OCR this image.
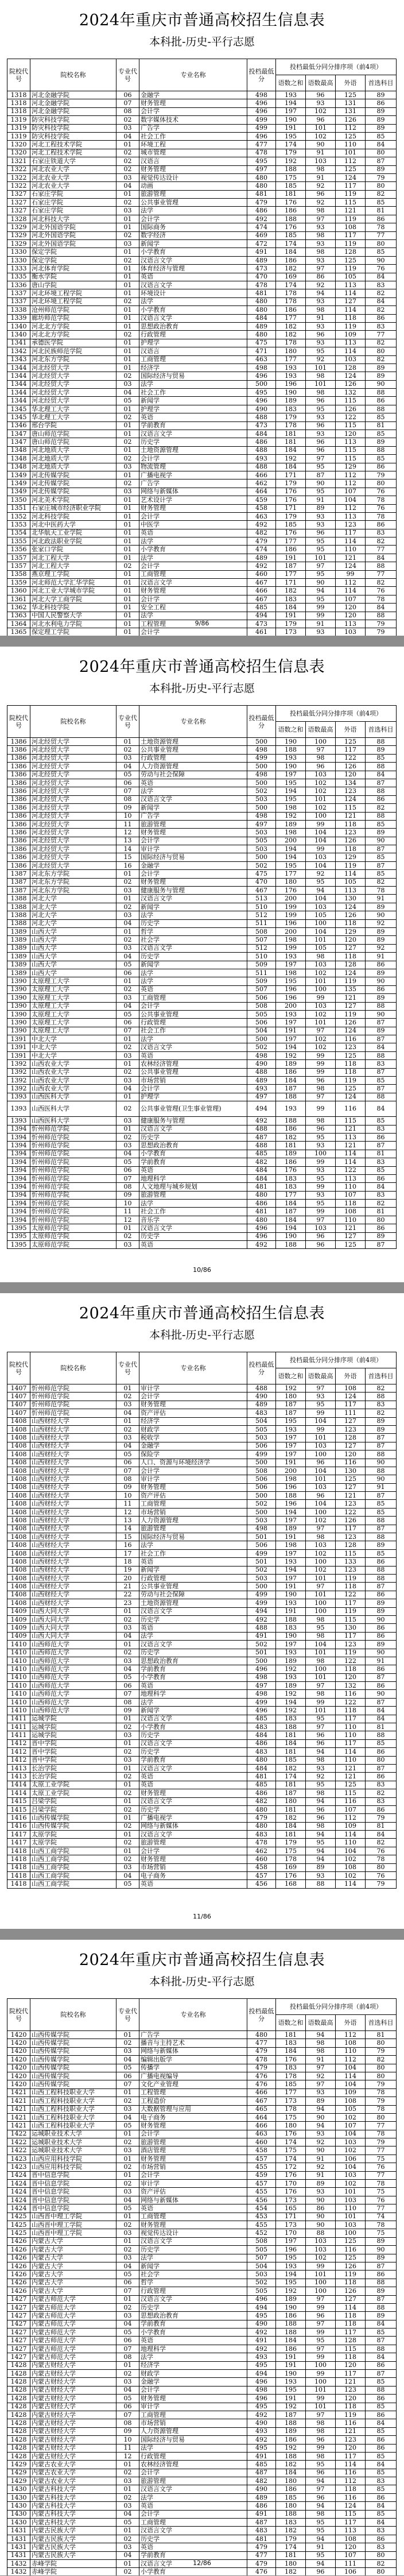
2024年重庆市普通高校招生信息表
本科批-历史-平行志愿
院校代号	院校名称	专业代号	专业名称	投档最低分	投档最低分同分排序项（前4项）			
					语数之和	语数最高	外语	首选科目
1318	河北金融学院	06	金融学	498	193	96	125	89
1318	河北金融学院	07	财务管理	496	194	93	131	86
1318	河北金融学院	08	会计学	496	197	102	131	89
1319	防灾科技学院	02	数字媒体技术	499	190	96	126	89
1319	防灾科技学院	03	广告学	499	191	101	112	89
1319	防灾科技学院	04	社会工作	496	195	102	125	85
1320	河北工程技术学院	01	环境工程	477	174	90	110	84
1320	河北工程技术学院	02	城市管理	478	179	91	101	80
1321	石家庄铁道大学	02	汉语言	495	192	103	112	87
1322	河北农业大学	02	财务管理	497	188	98	125	89
1322	河北农业大学	03	视觉传达设计	480	175	91	124	79
1322	河北农业大学	04	动画	480	185	92	117	80
1327	石家庄学院	01	旅游管理	481	181	96	119	82
1327	石家庄学院	02	公共事业管理	479	176	92	115	85
1327	石家庄学院	03	法学	486	186	98	121	81
1328	河北科技大学	01	会计学	492	188	97	119	86
1329	河北外国语学院	01	国际商务	474	176	93	108	78
1329	河北外国语学院	02	数字经济	469	185	98	117	77
1329	河北外国语学院	03	新闻学	472	174	93	119	80
1330	保定学院	01	小学教育	491	184	98	128	85
1330	保定学院	02	汉语言文学	489	186	93	125	90
1333	河北体育学院	01	体育经济与管理	473	182	97	119	76
1335	衡水学院	01	英语	470	169	86	105	84
1336	唐山学院	01	汉语言文学	478	174	92	113	83
1337	河北环境工程学院	01	环境设计	481	178	94	114	82
1337	河北环境工程学院	02	法学	480	178	93	127	84
1338	沧州师范学院	01	小学教育	480	186	98	114	82
1339	廊坊师范学院	01	汉语言文学	484	177	91	118	86
1340	河北北方学院	01	思想政治教育	489	182	93	119	83
1340	河北北方学院	02	行政管理	480	182	96	109	77
1341	承德医学院	01	护理学	475	178	93	113	82
1342	河北民族师范学院	01	汉语言	471	180	95	114	80
1343	河北东方学院	01	工商管理	463	177	92	103	82
1344	河北经贸大学	01	经济学	498	193	101	128	89
1344	河北经贸大学	02	国际经济与贸易	496	193	98	124	89
1344	河北经贸大学	03	法学	500	196	101	126	90
1344	河北经贸大学	04	社会工作	495	190	98	132	88
1344	河北经贸大学	05	新闻学	496	189	96	115	86
1345	华北理工大学	01	护理学	490	183	95	126	88
1345	华北理工大学	02	英语	488	179	93	122	85
1346	邢台学院	01	学前教育	473	178	96	115	81
1347	唐山师范学院	01	汉语言文学	484	181	93	120	85
1347	唐山师范学院	02	历史学	486	181	96	113	89
1348	河北地质大学	01	土地资源管理	488	184	96	115	88
1348	河北地质大学	02	会计学	493	192	97	115	85
1348	河北地质大学	03	物流管理	488	184	95	129	86
1349	河北传媒学院	01	广播电视学	466	171	87	112	79
1349	河北传媒学院	02	广告学	462	179	90	112	80
1349	河北传媒学院	03	网络与新媒体	464	176	95	107	76
1350	河北美术学院	01	艺术设计学	459	176	91	104	78
1351	石家庄城市经济职业学院	01	财务管理	458	171	89	112	76
1352	河北科技学院	01	会计学	463	179	93	113	78
1353	河北中医药大学	01	中医学	492	185	93	123	86
1354	北华航天工业学院	01	英语	482	176	96	117	83
1355	河北政法职业学院	01	法学	479	177	95	114	82
1356	张家口学院	01	小学教育	474	186	95	110	77
1357	河北工程大学	01	法学	489	191	101	121	84
1357	河北工程大学	02	会计学	492	187	97	124	88
1358	燕京理工学院	01	工商管理	460	177	95	99	77
1359	河北师范大学汇华学院	01	汉语言文学	467	171	90	112	82
1360	河北工业大学城市学院	01	财务管理	466	182	94	114	76
1361	河北大学工商学院	01	会计学	467	183	95	107	78
1362	华北科技学院	01	安全工程	485	184	99	120	84
1363	中国人民警察大学	01	法学	494	191	99	120	88
1364	河北水利电力学院	01	工程管理	473	179	91	113	79
1365	保定理工学院	01	会计学	461	173	93	103	79

9/86
2024年重庆市普通高校招生信息表
本科批-历史-平行志愿
院校代号	院校名称	专业代号	专业名称	投档最低分	投档最低分同分排序项（前4项）			
					语数之和	语数最高	外语	首选科目
1386	河北经贸大学	01	土地资源管理	500	190	100	125	88
1386	河北经贸大学	02	公共事业管理	498	188	97	117	89
1386	河北经贸大学	03	行政管理	499	193	98	122	85
1386	河北经贸大学	04	人力资源管理	500	190	96	126	88
1386	河北经贸大学	05	劳动与社会保障	498	197	103	120	84
1386	河北经贸大学	06	英语	500	195	102	134	87
1386	河北经贸大学	07	法学	502	194	102	123	88
1386	河北经贸大学	08	汉语言文学	503	195	101	124	86
1386	河北经贸大学	09	新闻学	500	198	102	115	82
1386	河北经贸大学	10	广告学	498	192	100	121	88
1386	河北经贸大学	11	旅游管理	497	189	99	118	85
1386	河北经贸大学	12	财务管理	503	198	104	123	89
1386	河北经贸大学	13	会计学	505	200	104	126	90
1386	河北经贸大学	14	审计学	503	194	99	118	87
1386	河北经贸大学	15	国际经济与贸易	500	194	103	129	85
1386	河北经贸大学	16	金融学	502	195	104	119	87
1387	河北东方学院	01	会计学	475	177	92	114	85
1387	河北东方学院	02	财务管理	470	180	95	105	82
1387	河北东方学院	03	健康服务与管理	467	176	94	113	78
1388	河北大学	01	汉语言文学	513	200	104	130	91
1388	河北大学	02	新闻学	510	199	103	124	89
1388	河北大学	03	法学	512	199	105	126	90
1388	河北大学	04	历史学	511	196	100	118	92
1389	山西大学	01	哲学	508	200	104	129	89
1389	山西大学	02	社会学	507	198	101	120	89
1389	山西大学	03	汉语言文学	512	199	105	127	92
1389	山西大学	04	历史学	510	193	98	118	91
1389	山西大学	05	新闻学	509	197	103	128	86
1389	山西大学	06	法学	511	198	102	124	89
1390	太原理工大学	01	法学	509	195	101	119	90
1390	太原理工大学	02	英语	507	196	100	135	86
1390	太原理工大学	03	工商管理	506	196	99	121	89
1390	太原理工大学	04	会计学	508	200	103	127	88
1390	太原理工大学	05	公共事业管理	505	193	102	119	90
1390	太原理工大学	06	行政管理	506	197	101	126	87
1390	太原理工大学	07	社会工作	504	191	97	124	89
1391	中北大学	01	法学	500	197	102	116	87
1391	中北大学	02	汉语言文学	502	194	102	123	84
1391	中北大学	03	英语	498	192	99	125	88
1392	山西农业大学	01	农林经济管理	490	189	99	118	83
1392	山西农业大学	02	公共事业管理	488	186	99	118	87
1392	山西农业大学	03	市场营销	489	184	96	119	85
1392	山西农业大学	04	会计学	493	187	98	125	87
1393	山西医科大学	01	护理学	497	188	97	124	88
1393	山西医科大学	02	公共事业管理(卫生事业管理)	494	193	99	116	84
1393	山西医科大学	03	健康服务与管理	492	188	98	115	85
1394	忻州师范学院	01	汉语言文学	488	186	96	121	83
1394	忻州师范学院	02	历史学	487	182	95	113	86
1394	忻州师范学院	03	思想政治教育	488	181	93	121	87
1394	忻州师范学院	04	小学教育	485	189	100	114	81
1394	忻州师范学院	05	学前教育	482	186	99	114	83
1394	忻州师范学院	06	英语	484	176	93	122	85
1394	忻州师范学院	07	地理科学	484	183	95	113	86
1394	忻州师范学院	08	人文地理与城乡规划	481	183	99	110	84
1394	忻州师范学院	09	旅游管理	480	177	93	107	83
1394	忻州师范学院	10	法学	486	184	95	118	82
1394	忻州师范学院	11	社会工作	481	187	99	108	81
1394	忻州师范学院	12	音乐学	480	184	97	110	80
1395	太原师范学院	01	汉语言文学	496	194	103	121	86
1395	太原师范学院	02	历史学	496	190	96	127	89
1395	太原师范学院	03	英语	492	188	96	125	87
10/86
2024年重庆市普通高校招生信息表
本科批-历史-平行志愿
院校代号	院校名称	专业代号	专业名称	投档最低分	投档最低分同分排序项（前4项）			
					语数之和	语数最高	外语	首选科目
1407	忻州师范学院	01	审计学	488	192	97	108	82
1407	忻州师范学院	02	会计学	490	180	93	124	88
1407	忻州师范学院	03	财务管理	489	187	95	117	83
1407	忻州师范学院	04	资产评估	483	187	99	111	82
1408	山西财经大学	01	经济学	504	195	104	127	89
1408	山西财经大学	02	财政学	505	193	99	123	89
1408	山西财经大学	03	税收学	503	197	101	128	87
1408	山西财经大学	04	金融学	506	197	103	127	87
1408	山西财经大学	05	保险学	499	197	100	120	88
1408	山西财经大学	06	人口、资源与环境经济学	500	191	96	116	90
1408	山西财经大学	07	会计学	508	200	104	130	88
1408	山西财经大学	08	审计学	506	198	101	125	90
1408	山西财经大学	09	财务管理	506	196	103	127	91
1408	山西财经大学	10	资产评估	500	188	96	121	87
1408	山西财经大学	11	工商管理	502	196	104	123	85
1408	山西财经大学	12	市场营销	500	194	100	122	85
1408	山西财经大学	13	人力资源管理	503	197	102	126	88
1408	山西财经大学	14	旅游管理	498	189	97	117	87
1408	山西财经大学	15	国际经济与贸易	501	191	98	123	88
1408	山西财经大学	16	法学	506	198	103	128	89
1408	山西财经大学	17	社会工作	499	197	102	115	85
1408	山西财经大学	18	英语	501	193	100	133	86
1408	山西财经大学	19	新闻学	502	194	102	123	88
1408	山西财经大学	20	行政管理	503	197	101	119	88
1408	山西财经大学	21	公共事业管理	500	191	97	118	87
1408	山西财经大学	22	劳动与社会保障	499	190	101	122	86
1408	山西财经大学	23	土地资源管理	499	193	100	117	89
1409	山西大同大学	01	汉语言文学	494	191	100	119	89
1409	山西大同大学	02	历史学	492	188	98	115	90
1409	山西大同大学	03	英语	488	183	95	130	86
1409	山西大同大学	04	法学	491	190	98	117	86
1410	山西师范大学	01	汉语言文学	502	197	104	123	89
1410	山西师范大学	02	历史学	501	193	101	119	90
1410	山西师范大学	03	思想政治教育	500	189	98	122	91
1410	山西师范大学	04	学前教育	496	192	100	118	86
1410	山西师范大学	05	小学教育	498	193	101	120	87
1410	山西师范大学	06	英语	497	189	97	132	86
1410	山西师范大学	07	地理科学	498	192	98	116	90
1410	山西师范大学	08	法学	499	194	99	122	87
1410	山西师范大学	09	新闻学	496	192	101	118	84
1411	运城学院	01	汉语言文学	485	183	95	117	84
1411	运城学院	02	小学教育	483	188	97	110	81
1411	运城学院	03	历史学	484	181	96	110	88
1412	晋中学院	01	汉语言文学	486	184	96	117	85
1412	晋中学院	02	历史学	483	181	94	114	86
1412	晋中学院	03	学前教育	480	185	98	110	80
1413	长治学院	01	汉语言文学	484	182	93	121	87
1413	长治学院	02	英语	481	174	92	121	86
1414	太原工业学院	01	英语	485	181	95	125	83
1414	太原工业学院	02	财务管理	486	187	98	115	82
1415	吕梁学院	01	汉语言文学	482	180	94	116	83
1415	吕梁学院	02	历史学	480	181	96	107	86
1416	山西传媒学院	01	广播电视学	479	182	96	112	79
1416	山西传媒学院	02	网络与新媒体	480	184	98	109	81
1417	太原学院	01	汉语言文学	483	181	94	114	84
1417	太原学院	02	旅游管理	478	179	95	110	82
1418	山西工商学院	01	会计学	462	175	94	104	76
1418	山西工商学院	02	财务管理	460	178	94	102	78
1418	山西工商学院	03	市场营销	458	169	89	108	80
1418	山西工商学院	04	电子商务	457	176	93	102	76
1418	山西工商学院	05	英语	456	168	88	114	79
11/86
2024年重庆市普通高校招生信息表
本科批-历史-平行志愿
院校代号	院校名称	专业代号	专业名称	投档最低分	投档最低分同分排序项（前4项）			
					语数之和	语数最高	外语	首选科目
1420	山西传媒学院	01	广告学	480	181	94	112	81
1420	山西传媒学院	02	播音与主持艺术	477	183	98	108	80
1420	山西传媒学院	03	网络与新媒体	479	184	98	110	79
1420	山西传媒学院	04	编辑出版学	478	176	91	112	82
1420	山西传媒学院	05	传播学	479	183	97	104	80
1420	山西传媒学院	06	广播电视编导	476	178	92	114	80
1420	山西传媒学院	07	文化产业管理	476	185	97	104	79
1421	山西工程科技职业大学	01	工程管理	466	177	93	109	78
1421	山西工程科技职业大学	02	工程造价	467	173	89	108	79
1421	山西工程科技职业大学	03	大数据管理与应用	465	178	94	105	78
1421	山西工程科技职业大学	04	电子商务	464	175	90	102	80
1421	山西工程科技职业大学	05	财务管理	466	180	94	107	77
1422	运城职业技术大学	01	会计学	463	176	93	104	78
1422	运城职业技术大学	02	旅游管理	460	174	92	103	79
1422	运城职业技术大学	03	酒店管理	458	175	90	102	77
1423	山西应用科技学院	01	财务管理	457	174	91	106	75
1423	山西应用科技学院	02	市场营销	455	172	92	104	76
1424	晋中信息学院	01	会计学	459	176	91	103	77
1424	晋中信息学院	02	审计学	457	170	89	102	78
1424	晋中信息学院	03	资产评估	455	176	93	101	75
1424	晋中信息学院	04	网络与新媒体	456	173	90	103	76
1424	晋中信息学院	05	英语	454	165	86	110	77
1425	山西晋中理工学院	01	工商管理	453	171	90	101	74
1425	山西晋中理工学院	02	财务管理	455	173	90	103	78
1425	山西晋中理工学院	03	视觉传达设计	452	170	88	100	75
1426	内蒙古大学	01	汉语言文学	508	197	103	125	89
1426	内蒙古大学	02	历史学	505	196	103	116	90
1426	内蒙古大学	03	法学	507	195	102	125	89
1426	内蒙古大学	04	新闻学	504	193	99	126	87
1426	内蒙古大学	05	社会学	503	194	101	119	86
1426	内蒙古大学	06	哲学	502	195	100	118	88
1426	内蒙古大学	07	行政管理	505	192	100	126	89
1427	内蒙古师范大学	01	汉语言文学	496	189	97	127	87
1427	内蒙古师范大学	02	历史学	494	190	99	114	88
1427	内蒙古师范大学	03	思想政治教育	495	186	96	118	89
1427	内蒙古师范大学	04	学前教育	490	188	97	118	84
1427	内蒙古师范大学	05	小学教育	492	188	99	117	85
1427	内蒙古师范大学	06	英语	491	184	95	128	87
1427	内蒙古师范大学	07	地理科学	492	186	97	115	88
1427	内蒙古师范大学	08	法学	493	191	99	118	84
1428	内蒙古财经大学	01	经济学	495	191	100	120	86
1428	内蒙古财经大学	02	财政学	494	190	99	117	87
1428	内蒙古财经大学	03	金融学	496	193	100	121	85
1428	内蒙古财经大学	04	会计学	498	195	101	123	88
1428	内蒙古财经大学	05	财务管理	496	191	99	120	86
1428	内蒙古财经大学	06	审计学	495	192	101	118	85
1428	内蒙古财经大学	07	工商管理	492	187	97	119	86
1428	内蒙古财经大学	08	市场营销	490	188	98	116	84
1428	内蒙古财经大学	09	人力资源管理	493	189	98	121	85
1428	内蒙古财经大学	10	国际经济与贸易	492	186	96	123	86
1428	内蒙古财经大学	11	法学	495	192	99	120	86
1428	内蒙古财经大学	12	行政管理	491	188	98	117	85
1429	内蒙古农业大学	01	农林经济管理	485	182	95	114	84
1429	内蒙古农业大学	02	会计学	487	184	96	116	85
1429	内蒙古农业大学	03	旅游管理	482	180	94	112	83
1430	内蒙古科技大学	01	汉语言文学	490	186	97	118	85
1430	内蒙古科技大学	02	法学	489	185	96	116	86
1430	内蒙古科技大学	03	英语	486	180	94	124	84
1430	内蒙古科技大学	04	会计学	491	188	98	115	85
1430	内蒙古科技大学	05	工商管理	487	183	95	117	84
1431	内蒙古民族大学	01	汉语言文学	483	182	95	113	83
1431	内蒙古民族大学	02	历史学	481	179	94	108	86
1431	内蒙古民族大学	03	英语	479	174	91	120	83
1431	内蒙古民族大学	04	学前教育	477	181	95	107	80
1432	赤峰学院	01	汉语言文学	479	180	94	111	82
1432	赤峰学院	02	小学教育	476	182	96	106	80

12/86
